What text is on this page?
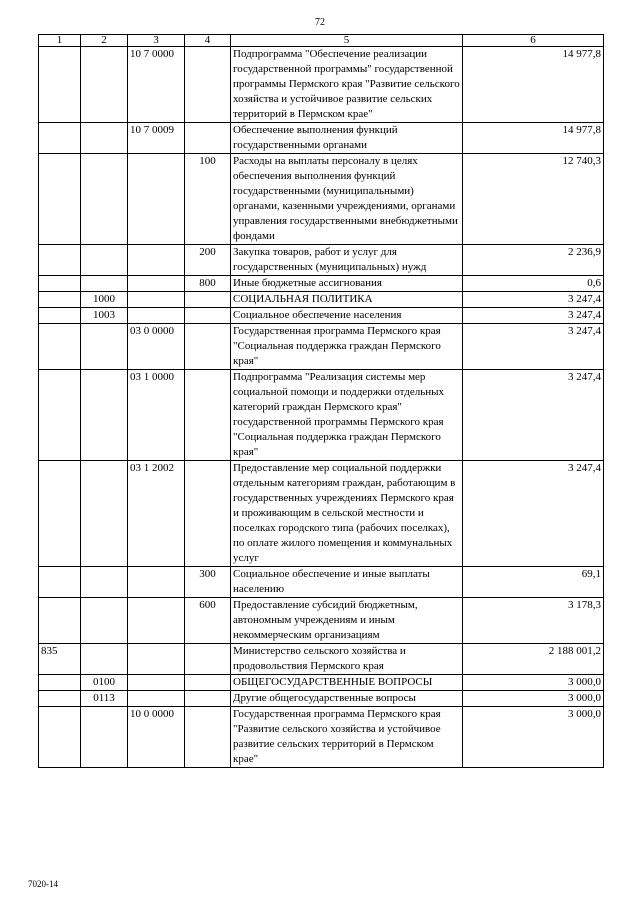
72
1	2	3	4	5	6
		10 7 0000		Подпрограмма "Обеспечение реализации государственной программы" государственной программы Пермского края "Развитие сельского хозяйства и устойчивое развитие сельских территорий в Пермском крае"	14 977,8
		10 7 0009		Обеспечение выполнения функций государственными органами	14 977,8
			100	Расходы на выплаты персоналу в целях обеспечения выполнения функций государственными (муниципальными) органами, казенными учреждениями, органами управления государственными внебюджетными фондами	12 740,3
			200	Закупка товаров, работ и услуг для государственных (муниципальных) нужд	2 236,9
			800	Иные бюджетные ассигнования	0,6
	1000			СОЦИАЛЬНАЯ ПОЛИТИКА	3 247,4
	1003			Социальное обеспечение населения	3 247,4
		03 0 0000		Государственная программа Пермского края "Социальная поддержка граждан Пермского края"	3 247,4
		03 1 0000		Подпрограмма "Реализация системы мер социальной помощи и поддержки отдельных категорий граждан Пермского края" государственной программы Пермского края "Социальная поддержка граждан Пермского края"	3 247,4
		03 1 2002		Предоставление мер социальной поддержки отдельным категориям граждан, работающим в государственных учреждениях Пермского края и проживающим в сельской местности и поселках городского типа (рабочих поселках), по оплате жилого помещения и коммунальных услуг	3 247,4
			300	Социальное обеспечение и иные выплаты населению	69,1
			600	Предоставление субсидий бюджетным, автономным учреждениям и иным некоммерческим организациям	3 178,3
835				Министерство сельского хозяйства и продовольствия Пермского края	2 188 001,2
	0100			ОБЩЕГОСУДАРСТВЕННЫЕ ВОПРОСЫ	3 000,0
	0113			Другие общегосударственные вопросы	3 000,0
		10 0 0000		Государственная программа Пермского края "Развитие сельского хозяйства и устойчивое развитие сельских территорий в Пермском крае"	3 000,0
7020-14
